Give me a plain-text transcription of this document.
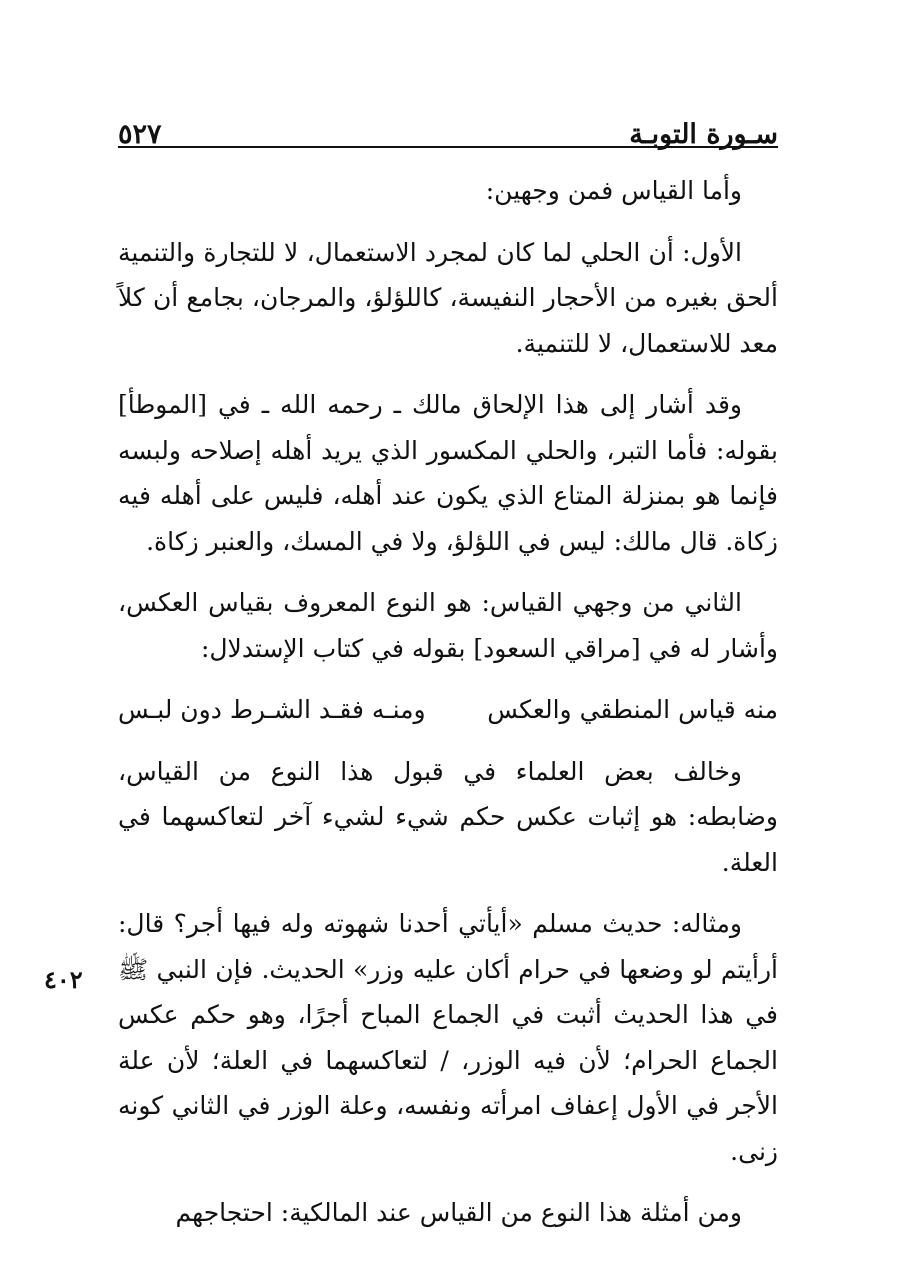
سـورة التوبـة
٥٢٧

وأما القياس فمن وجهين:

الأول: أن الحلي لما كان لمجرد الاستعمال، لا للتجارة والتنمية ألحق بغيره من الأحجار النفيسة، كاللؤلؤ، والمرجان، بجامع أن كلاً معد للاستعمال، لا للتنمية.

وقد أشار إلى هذا الإلحاق مالك ـ رحمه الله ـ في [الموطأ] بقوله: فأما التبر، والحلي المكسور الذي يريد أهله إصلاحه ولبسه فإنما هو بمنزلة المتاع الذي يكون عند أهله، فليس على أهله فيه زكاة. قال مالك: ليس في اللؤلؤ، ولا في المسك، والعنبر زكاة.

الثاني من وجهي القياس: هو النوع المعروف بقياس العكس، وأشار له في [مراقي السعود] بقوله في كتاب الإستدلال:

منه قياس المنطقي والعكس
ومنـه فقـد الشـرط دون لبـس

وخالف بعض العلماء في قبول هذا النوع من القياس، وضابطه: هو إثبات عكس حكم شيء لشيء آخر لتعاكسهما في العلة.

ومثاله: حديث مسلم «أيأتي أحدنا شهوته وله فيها أجر؟ قال: أرأيتم لو وضعها في حرام أكان عليه وزر» الحديث. فإن النبي ﷺ في هذا الحديث أثبت في الجماع المباح أجرًا، وهو حكم عكس الجماع الحرام؛ لأن فيه الوزر، / لتعاكسهما في العلة؛ لأن علة الأجر في الأول إعفاف امرأته ونفسه، وعلة الوزر في الثاني كونه زنى.

ومن أمثلة هذا النوع من القياس عند المالكية: احتجاجهم

٤٠٢
